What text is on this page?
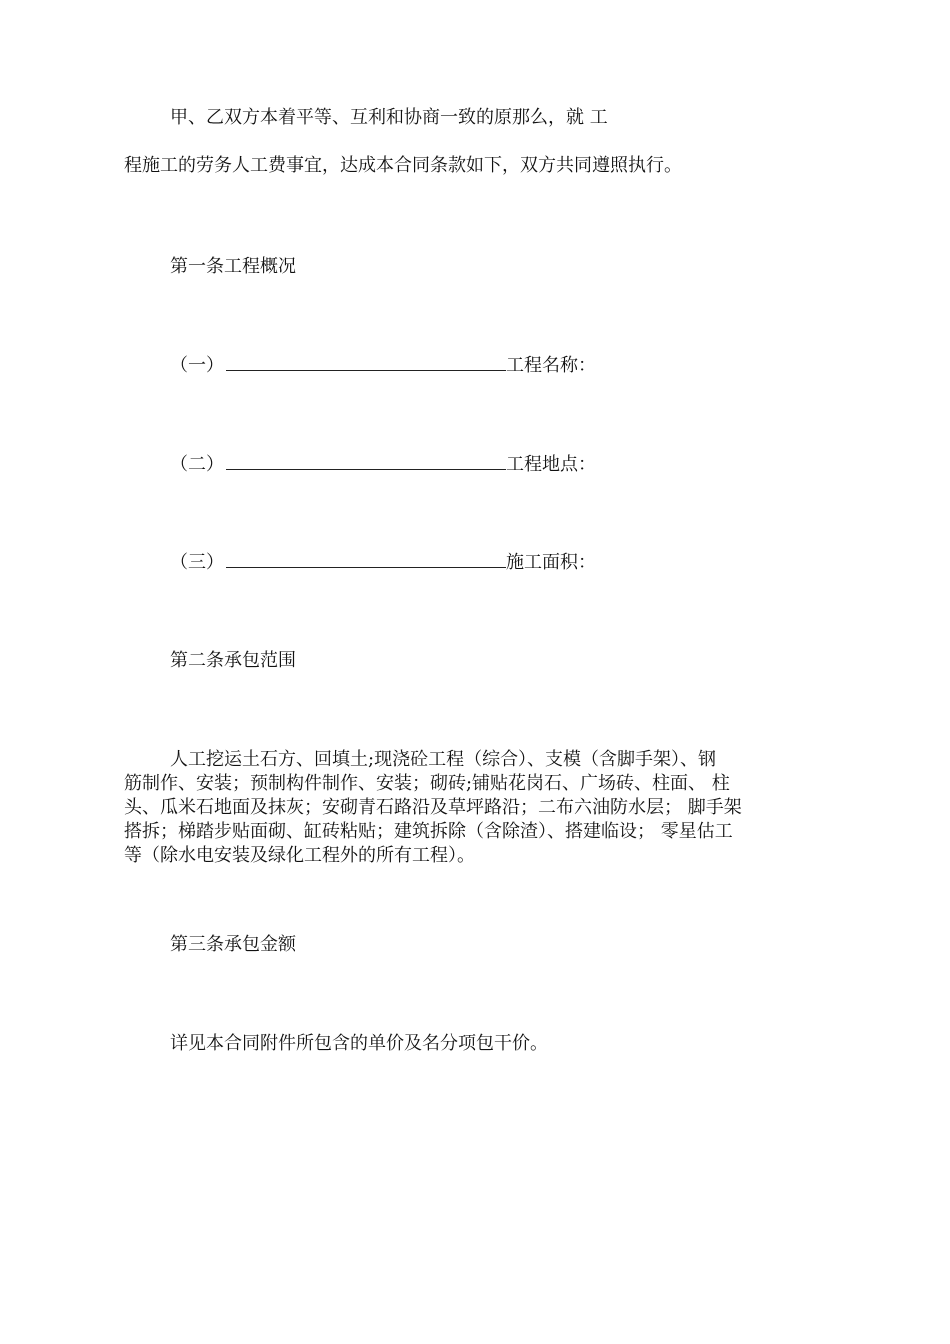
甲、乙双方本着平等、互利和协商一致的原那么，就 工
程施工的劳务人工费事宜，达成本合同条款如下，双方共同遵照执行。
第一条工程概况
（一）	工程名称：
（二）	工程地点：
（三）	施工面积：
第二条承包范围
人工挖运土石方、回填土;现浇砼工程（综合）、支模（含脚手架）、钢
筋制作、安装；预制构件制作、安装；砌砖;铺贴花岗石、广场砖、柱面、 柱
头、瓜米石地面及抹灰；安砌青石路沿及草坪路沿；二布六油防水层； 脚手架
搭拆；梯踏步贴面砌、缸砖粘贴；建筑拆除（含除渣）、搭建临设； 零星估工
等（除水电安装及绿化工程外的所有工程）。
第三条承包金额
详见本合同附件所包含的单价及名分项包干价。
